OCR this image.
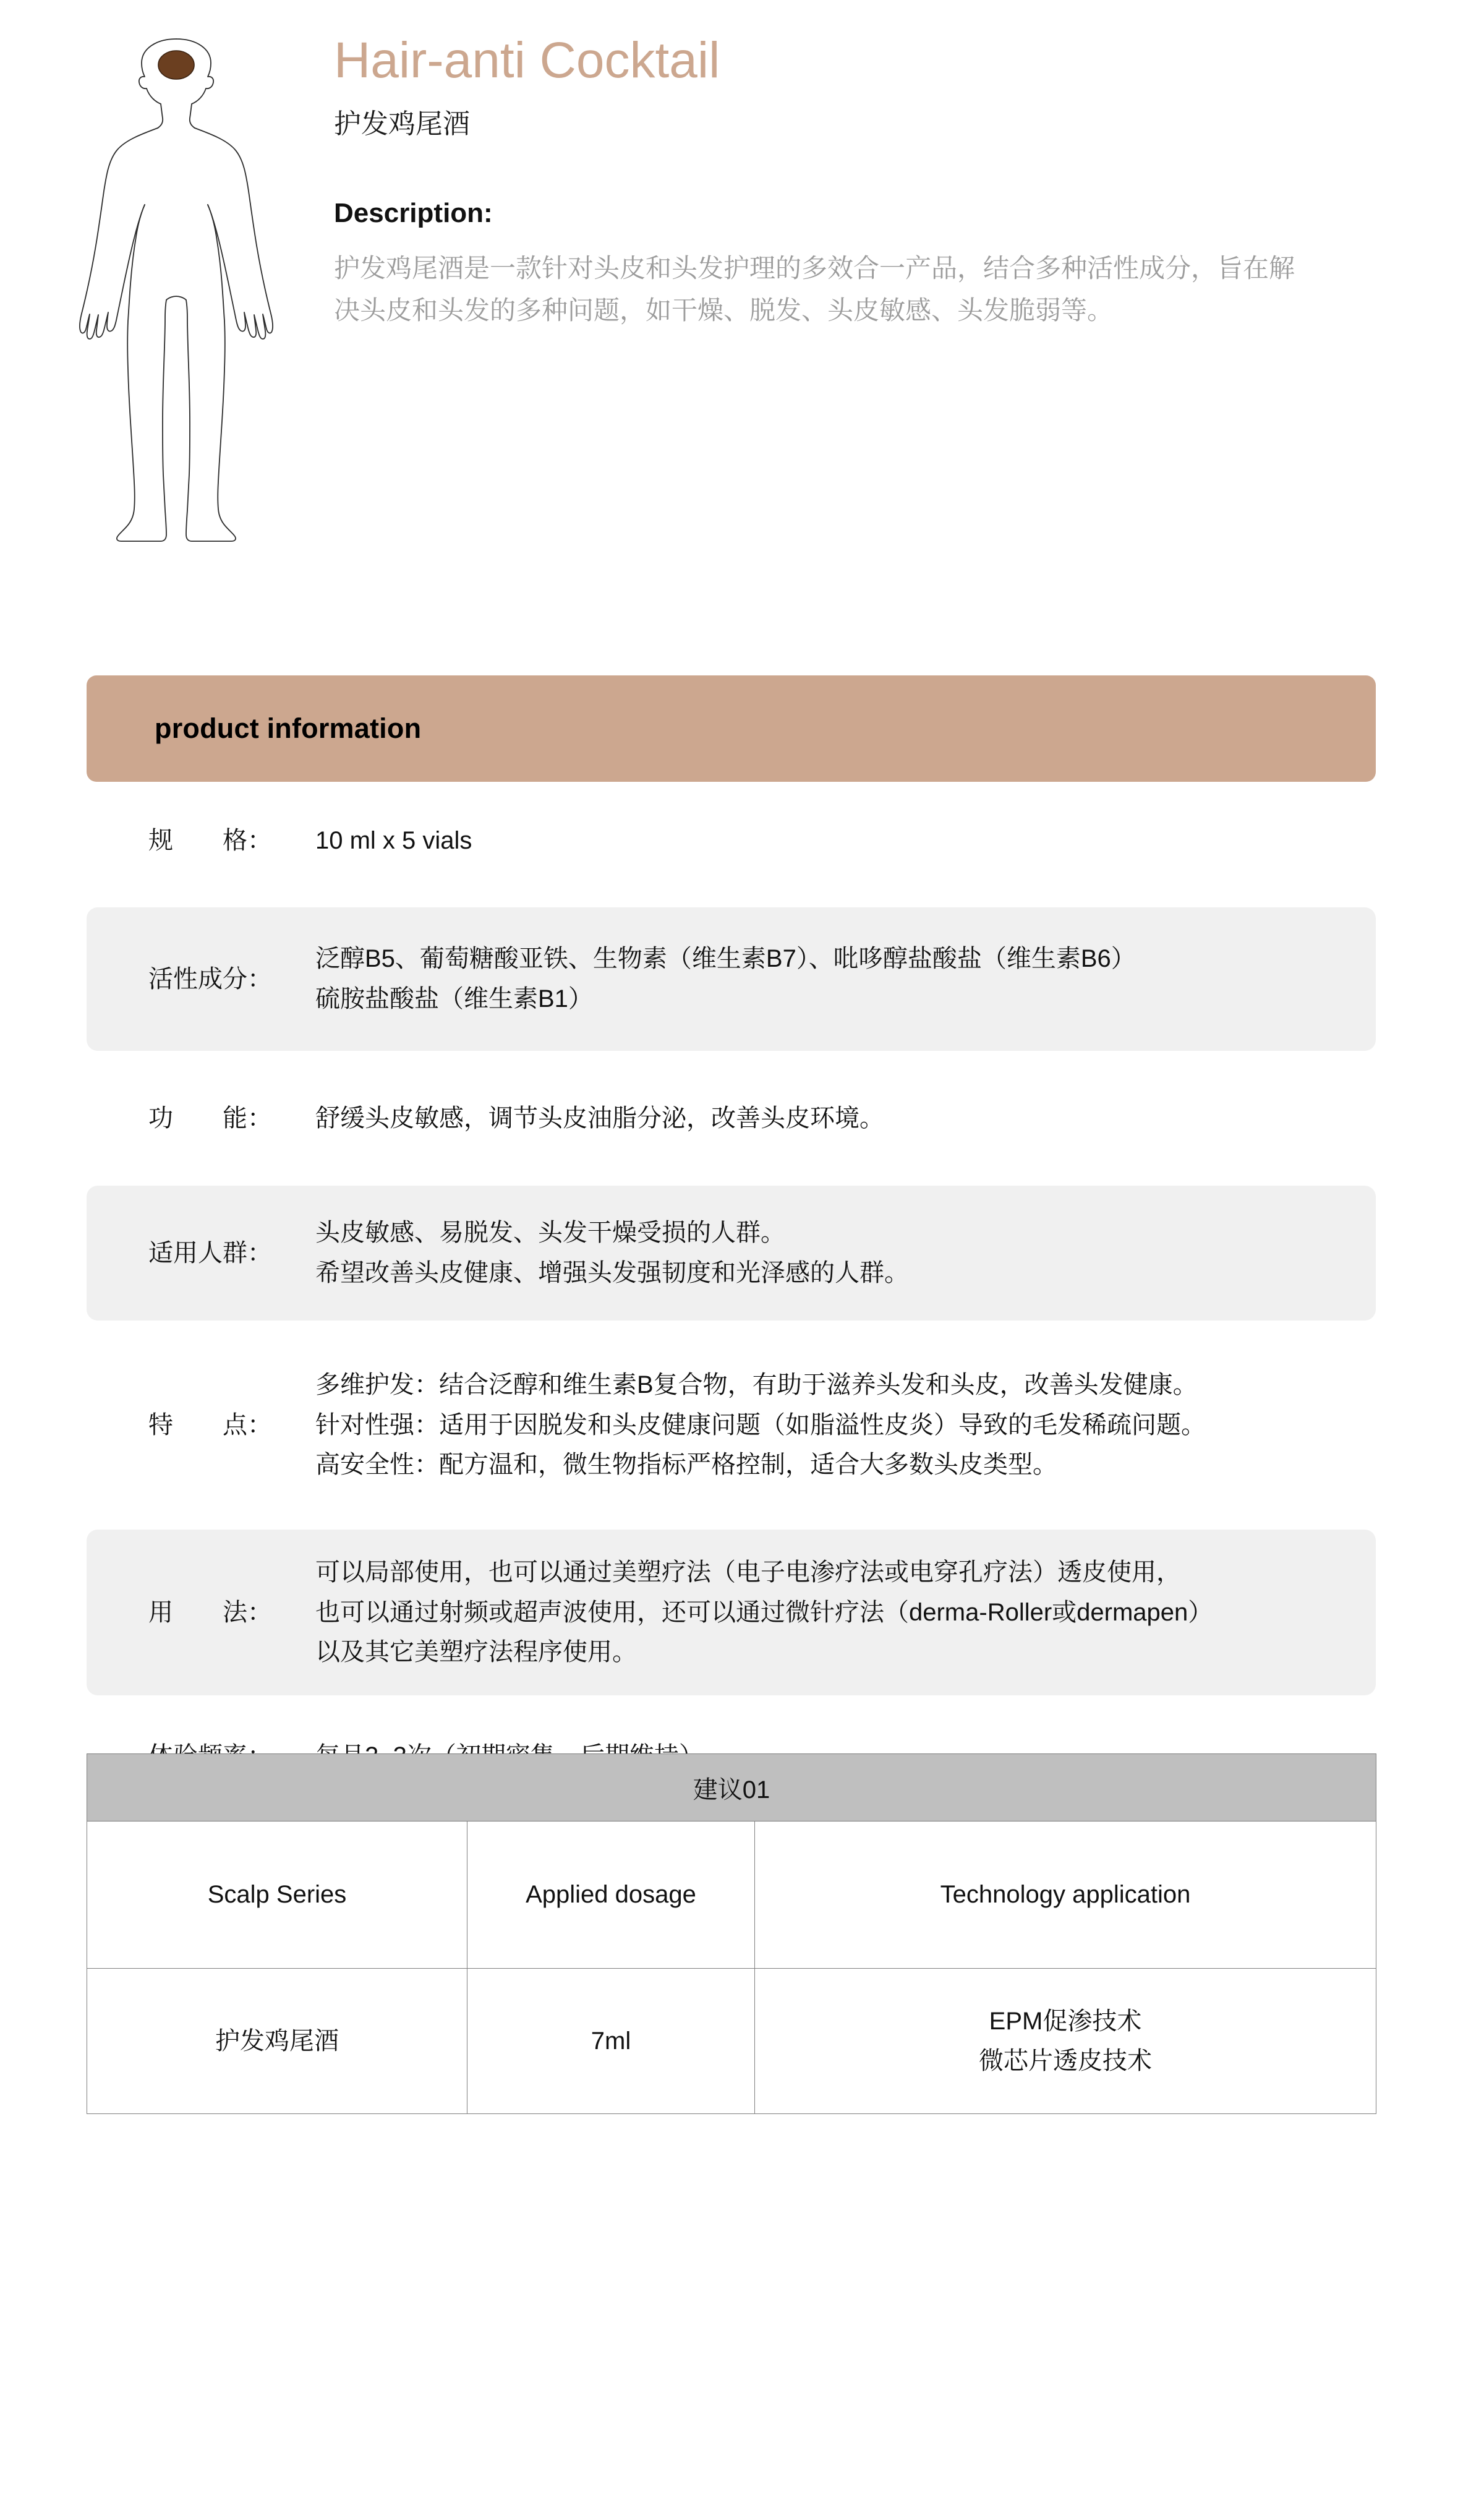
Hair-anti Cocktail
护发鸡尾酒
Description:

护发鸡尾酒是一款针对头皮和头发护理的多效合一产品，结合多种活性成分，旨在解决头皮和头发的多种问题，如干燥、脱发、头皮敏感、头发脆弱等。

product information
规　　格：	10 ml x 5 vials
活性成分：
泛醇B5、葡萄糖酸亚铁、生物素（维生素B7）、吡哆醇盐酸盐（维生素B6）
硫胺盐酸盐（维生素B1）
功　　能：	舒缓头皮敏感，调节头皮油脂分泌，改善头皮环境。
适用人群：
头皮敏感、易脱发、头发干燥受损的人群。
希望改善头皮健康、增强头发强韧度和光泽感的人群。
特　　点：
多维护发：结合泛醇和维生素B复合物，有助于滋养头发和头皮，改善头发健康。
针对性强：适用于因脱发和头皮健康问题（如脂溢性皮炎）导致的毛发稀疏问题。
高安全性：配方温和，微生物指标严格控制，适合大多数头皮类型。
用　　法：
可以局部使用，也可以通过美塑疗法（电子电渗疗法或电穿孔疗法）透皮使用，
也可以通过射频或超声波使用，还可以通过微针疗法（derma-Roller或dermapen）
以及其它美塑疗法程序使用。
建议01		
Scalp Series	Applied dosage	Technology application
护发鸡尾酒	7ml	EPM促渗技术
微芯片透皮技术
